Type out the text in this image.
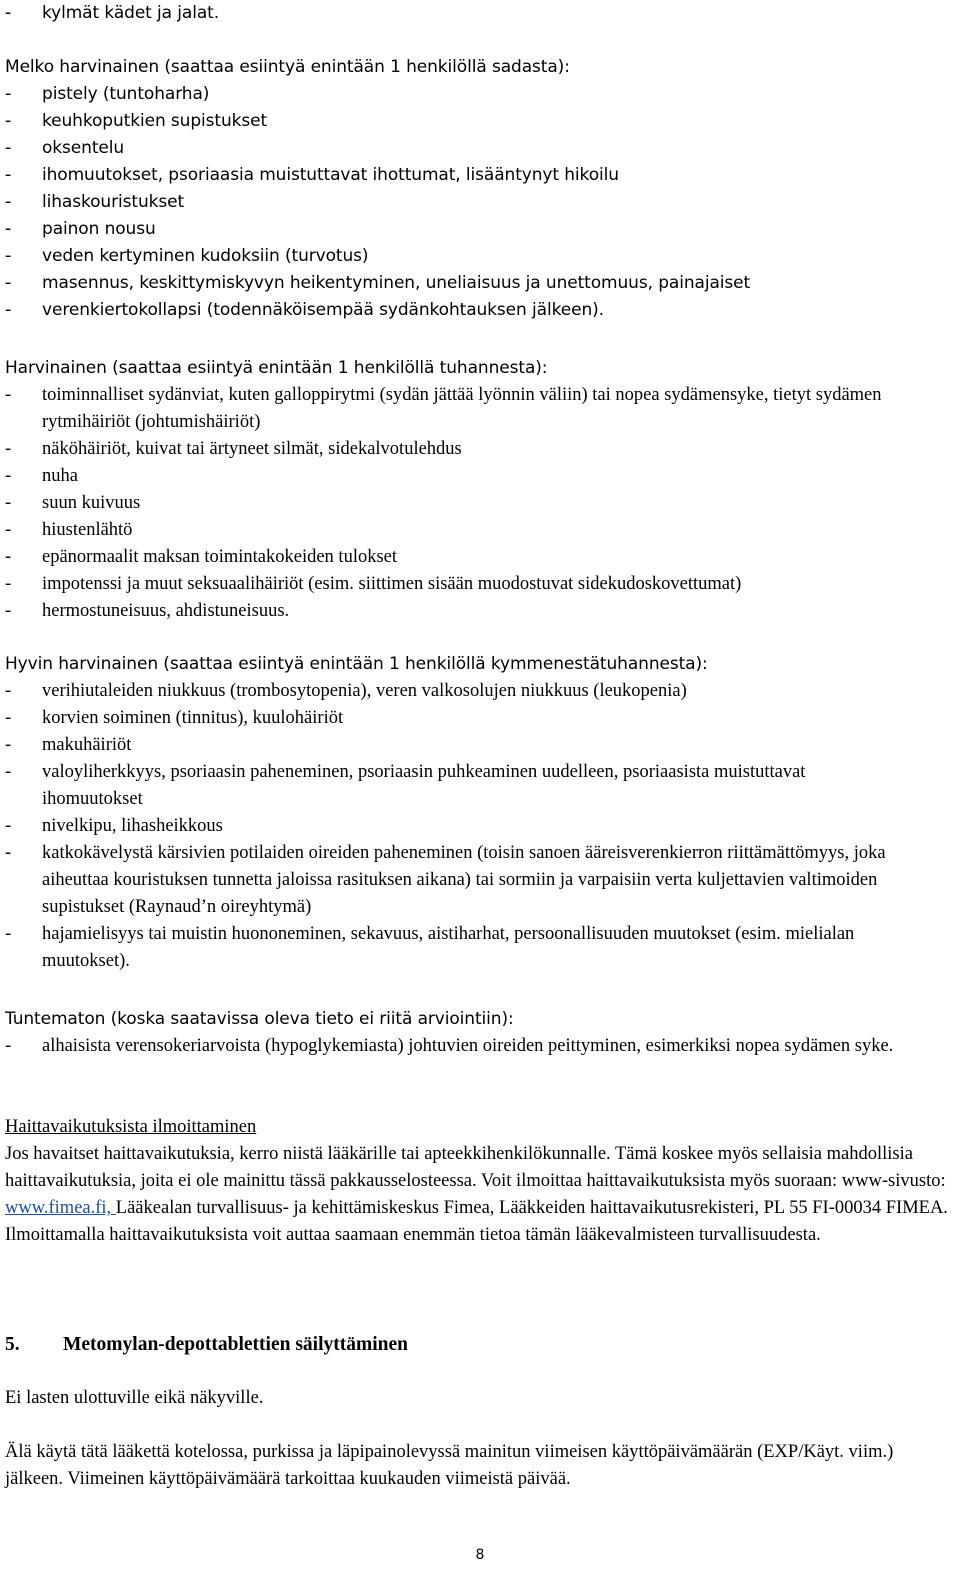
-	kylmät kädet ja jalat.
Melko harvinainen (saattaa esiintyä enintään 1 henkilöllä sadasta):
-	pistely (tuntoharha)
-	keuhkoputkien supistukset
-	oksentelu
-	ihomuutokset, psoriaasia muistuttavat ihottumat, lisääntynyt hikoilu
-	lihaskouristukset
-	painon nousu
-	veden kertyminen kudoksiin (turvotus)
-	masennus, keskittymiskyvyn heikentyminen, uneliaisuus ja unettomuus, painajaiset
-	verenkiertokollapsi (todennäköisempää sydänkohtauksen jälkeen).
Harvinainen (saattaa esiintyä enintään 1 henkilöllä tuhannesta):
-	toiminnalliset sydänviat, kuten galloppirytmi (sydän jättää lyönnin väliin) tai nopea sydämensyke, tietyt sydämen rytmihäiriöt (johtumishäiriöt)
-	näköhäiriöt, kuivat tai ärtyneet silmät, sidekalvotulehdus
-	nuha
-	suun kuivuus
-	hiustenlähtö
-	epänormaalit maksan toimintakokeiden tulokset
-	impotenssi ja muut seksuaalihäiriöt (esim. siittimen sisään muodostuvat sidekudoskovettumat)
-	hermostuneisuus, ahdistuneisuus.
Hyvin harvinainen (saattaa esiintyä enintään 1 henkilöllä kymmenestätuhannesta):
-	verihiutaleiden niukkuus (trombosytopenia), veren valkosolujen niukkuus (leukopenia)
-	korvien soiminen (tinnitus), kuulohäiriöt
-	makuhäiriöt
-	valoyliherkkyys, psoriaasin paheneminen, psoriaasin puhkeaminen uudelleen, psoriaasista muistuttavat ihomuutokset
-	nivelkipu, lihasheikkous
-	katkokävelystä kärsivien potilaiden oireiden paheneminen (toisin sanoen ääreisverenkierron riittämättömyys, joka aiheuttaa kouristuksen tunnetta jaloissa rasituksen aikana) tai sormiin ja varpaisiin verta kuljettavien valtimoiden supistukset (Raynaud’n oireyhtymä)
-	hajamielisyys tai muistin huononeminen, sekavuus, aistiharhat, persoonallisuuden muutokset (esim. mielialan muutokset).
Tuntematon (koska saatavissa oleva tieto ei riitä arviointiin):
-	alhaisista verensokeriarvoista (hypoglykemiasta) johtuvien oireiden peittyminen, esimerkiksi nopea sydämen syke.
Haittavaikutuksista ilmoittaminen
Jos havaitset haittavaikutuksia, kerro niistä lääkärille tai apteekkihenkilökunnalle. Tämä koskee myös sellaisia mahdollisia haittavaikutuksia, joita ei ole mainittu tässä pakkausselosteessa. Voit ilmoittaa haittavaikutuksista myös suoraan: www-sivusto: www.fimea.fi, Lääkealan turvallisuus- ja kehittämiskeskus Fimea, Lääkkeiden haittavaikutusrekisteri, PL 55 FI-00034 FIMEA. Ilmoittamalla haittavaikutuksista voit auttaa saamaan enemmän tietoa tämän lääkevalmisteen turvallisuudesta.
5.	Metomylan-depottablettien säilyttäminen
Ei lasten ulottuville eikä näkyville.
Älä käytä tätä lääkettä kotelossa, purkissa ja läpipainolevyssä mainitun viimeisen käyttöpäivämäärän (EXP/Käyt. viim.) jälkeen. Viimeinen käyttöpäivämäärä tarkoittaa kuukauden viimeistä päivää.
8
